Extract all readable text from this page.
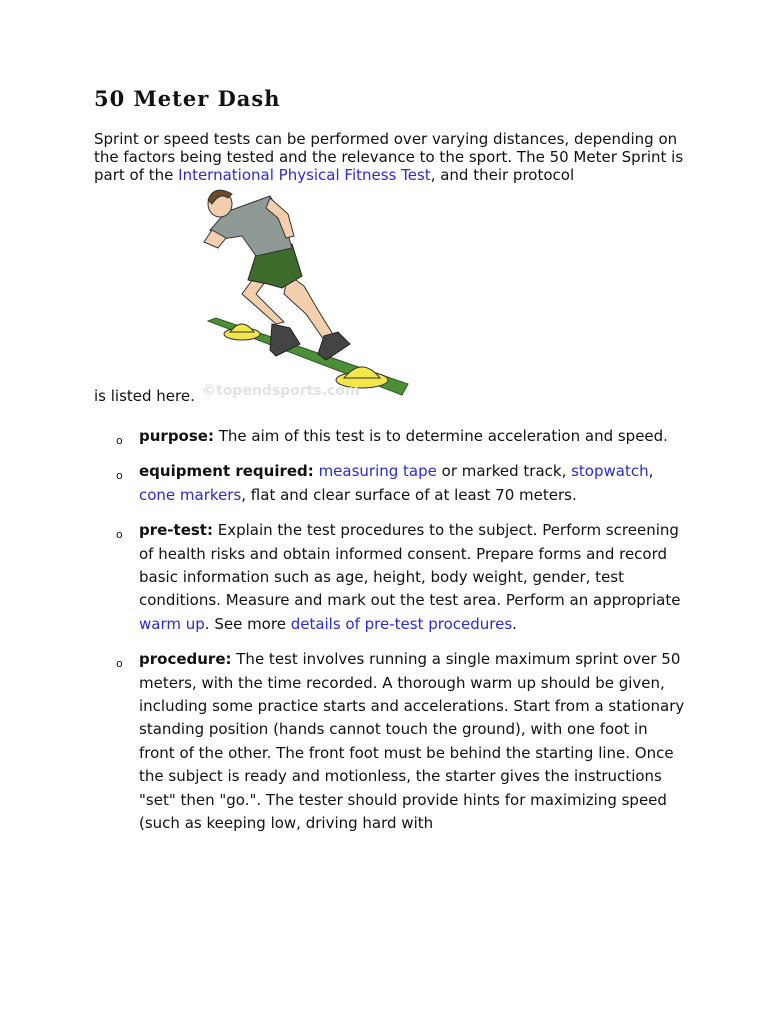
50 Meter Dash

Sprint or speed tests can be performed over varying distances, depending on the factors being tested and the relevance to the sport. The 50 Meter Sprint is part of the International Physical Fitness Test, and their protocol

©topendsports.com

is listed here.

o purpose: The aim of this test is to determine acceleration and speed.
o equipment required: measuring tape or marked track, stopwatch, cone markers, flat and clear surface of at least 70 meters.
o pre-test: Explain the test procedures to the subject. Perform screening of health risks and obtain informed consent. Prepare forms and record basic information such as age, height, body weight, gender, test conditions. Measure and mark out the test area. Perform an appropriate warm up. See more details of pre-test procedures.
o procedure: The test involves running a single maximum sprint over 50 meters, with the time recorded. A thorough warm up should be given, including some practice starts and accelerations. Start from a stationary standing position (hands cannot touch the ground), with one foot in front of the other. The front foot must be behind the starting line. Once the subject is ready and motionless, the starter gives the instructions "set" then "go.". The tester should provide hints for maximizing speed (such as keeping low, driving hard with
